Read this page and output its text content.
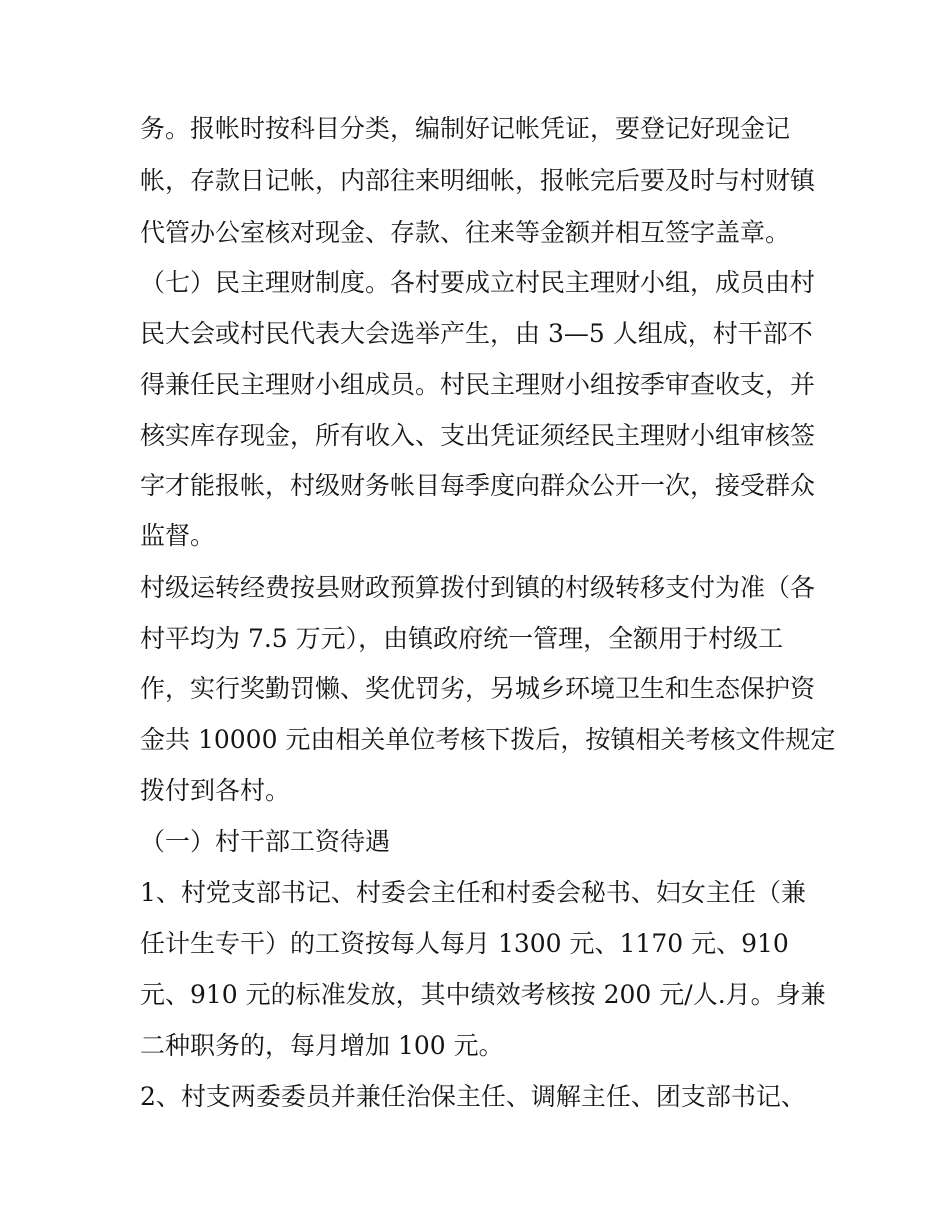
务。报帐时按科目分类，编制好记帐凭证，要登记好现金记
帐，存款日记帐，内部往来明细帐，报帐完后要及时与村财镇
代管办公室核对现金、存款、往来等金额并相互签字盖章。
（七）民主理财制度。各村要成立村民主理财小组，成员由村
民大会或村民代表大会选举产生，由 3—5 人组成，村干部不
得兼任民主理财小组成员。村民主理财小组按季审查收支，并
核实库存现金，所有收入、支出凭证须经民主理财小组审核签
字才能报帐，村级财务帐目每季度向群众公开一次，接受群众
监督。
村级运转经费按县财政预算拨付到镇的村级转移支付为准（各
村平均为 7.5 万元），由镇政府统一管理，全额用于村级工
作，实行奖勤罚懒、奖优罚劣，另城乡环境卫生和生态保护资
金共 10000 元由相关单位考核下拨后，按镇相关考核文件规定
拨付到各村。
（一）村干部工资待遇
1、村党支部书记、村委会主任和村委会秘书、妇女主任（兼
任计生专干）的工资按每人每月 1300 元、1170 元、910
元、910 元的标准发放，其中绩效考核按 200 元/人.月。身兼
二种职务的，每月增加 100 元。
2、村支两委委员并兼任治保主任、调解主任、团支部书记、
